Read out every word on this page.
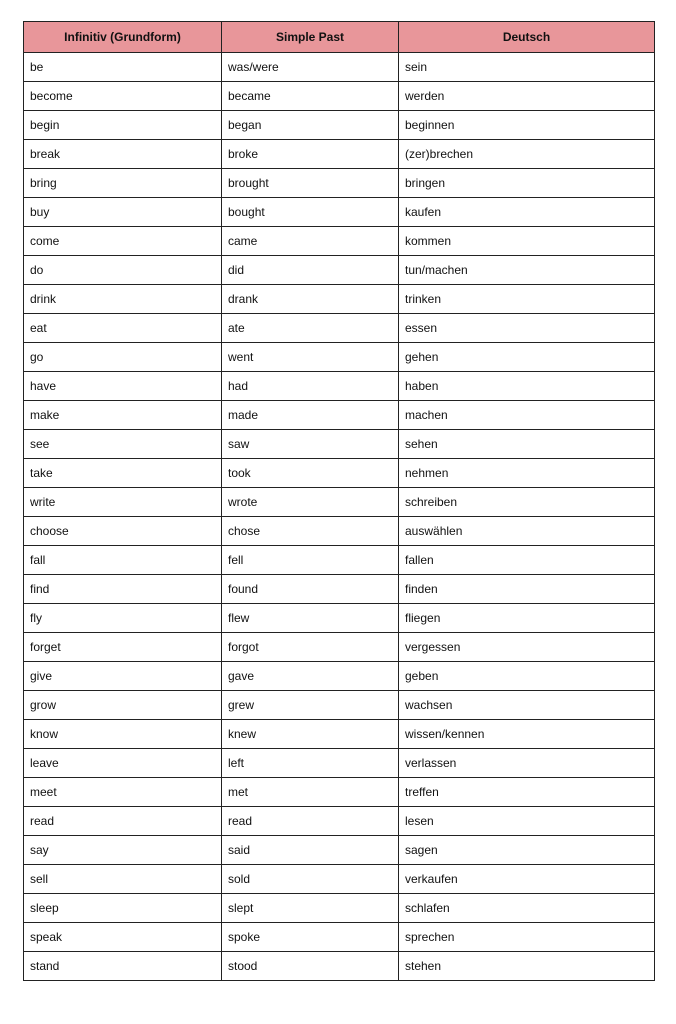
Infinitiv (Grundform)	Simple Past	Deutsch
be	was/were	sein
become	became	werden
begin	began	beginnen
break	broke	(zer)brechen
bring	brought	bringen
buy	bought	kaufen
come	came	kommen
do	did	tun/machen
drink	drank	trinken
eat	ate	essen
go	went	gehen
have	had	haben
make	made	machen
see	saw	sehen
take	took	nehmen
write	wrote	schreiben
choose	chose	auswählen
fall	fell	fallen
find	found	finden
fly	flew	fliegen
forget	forgot	vergessen
give	gave	geben
grow	grew	wachsen
know	knew	wissen/kennen
leave	left	verlassen
meet	met	treffen
read	read	lesen
say	said	sagen
sell	sold	verkaufen
sleep	slept	schlafen
speak	spoke	sprechen
stand	stood	stehen
